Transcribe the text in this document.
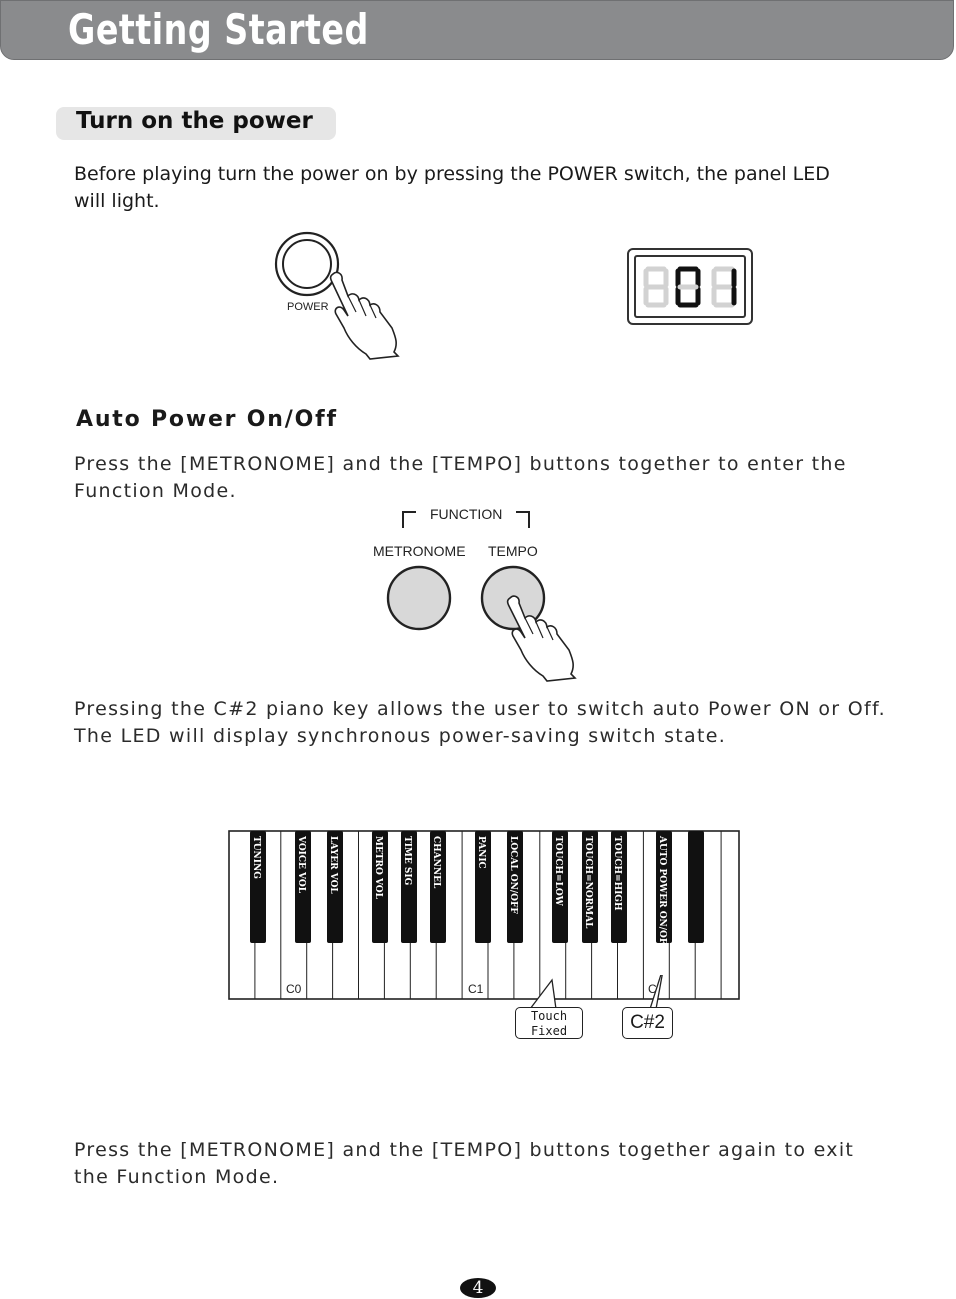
Getting Started
Turn on the power
Before playing turn the power on by pressing the POWER switch, the panel LED
will light.
POWER
Auto Power On/Off
Press the [METRONOME] and the [TEMPO] buttons together to enter the
Function Mode.
FUNCTION
METRONOME TEMPO
Pressing the C#2 piano key allows the user to switch auto Power ON or Off.
The LED will display synchronous power-saving switch state.
TUNING	VOICE VOL LAYER VOL	METRO VOL TIME SIG CHANNEL	PANIC LOCAL ON/OFF	TOUCH=LOW TOUCH=NORMAL TOUCH=HIGH	AUTO POWER ON/OFF
C0	C1	C
Touch
Fixed	C#2
Press the [METRONOME] and the [TEMPO] buttons together again to exit
the Function Mode.
4
